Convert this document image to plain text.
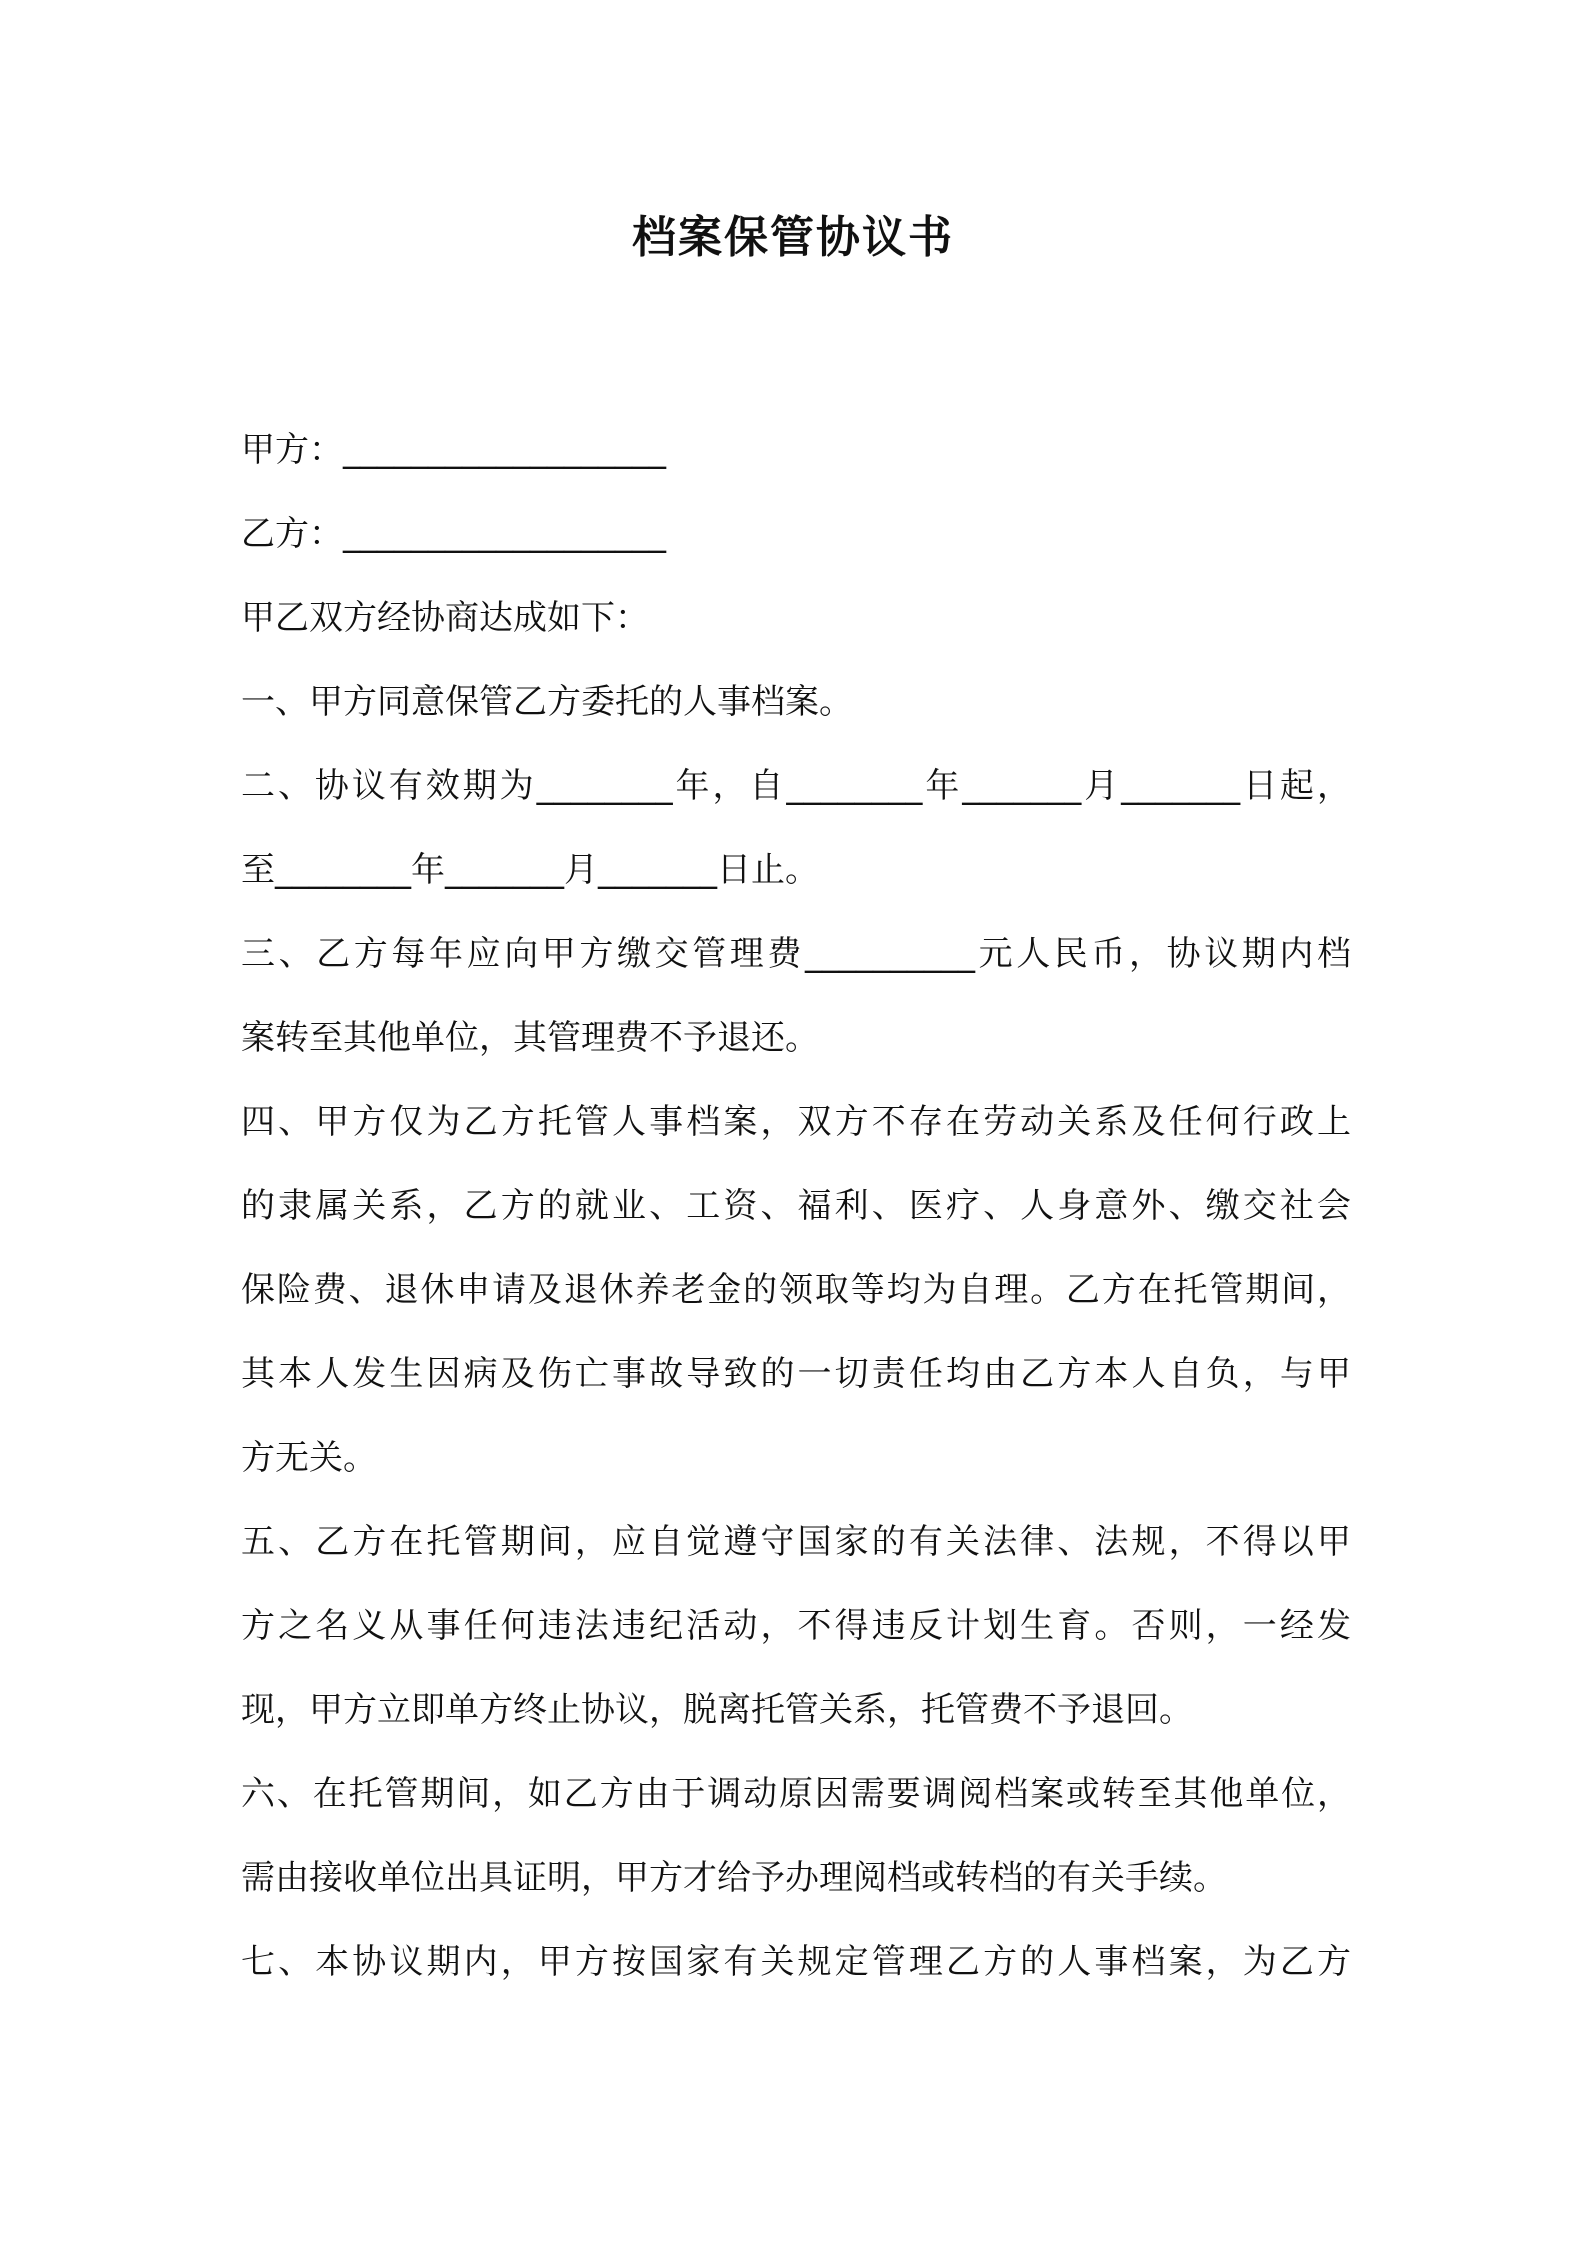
档案保管协议书

甲方：___________________

乙方：___________________

甲乙双方经协商达成如下：

一、甲方同意保管乙方委托的人事档案。

二、协议有效期为________年，自________年_______月_______日起，

至________年_______月_______日止。

三、乙方每年应向甲方缴交管理费__________元人民币，协议期内档

案转至其他单位，其管理费不予退还。

四、甲方仅为乙方托管人事档案，双方不存在劳动关系及任何行政上

的隶属关系，乙方的就业、工资、福利、医疗、人身意外、缴交社会

保险费、退休申请及退休养老金的领取等均为自理。乙方在托管期间，

其本人发生因病及伤亡事故导致的一切责任均由乙方本人自负，与甲

方无关。

五、乙方在托管期间，应自觉遵守国家的有关法律、法规，不得以甲

方之名义从事任何违法违纪活动，不得违反计划生育。否则，一经发

现，甲方立即单方终止协议，脱离托管关系，托管费不予退回。

六、在托管期间，如乙方由于调动原因需要调阅档案或转至其他单位，

需由接收单位出具证明，甲方才给予办理阅档或转档的有关手续。

七、本协议期内，甲方按国家有关规定管理乙方的人事档案，为乙方
